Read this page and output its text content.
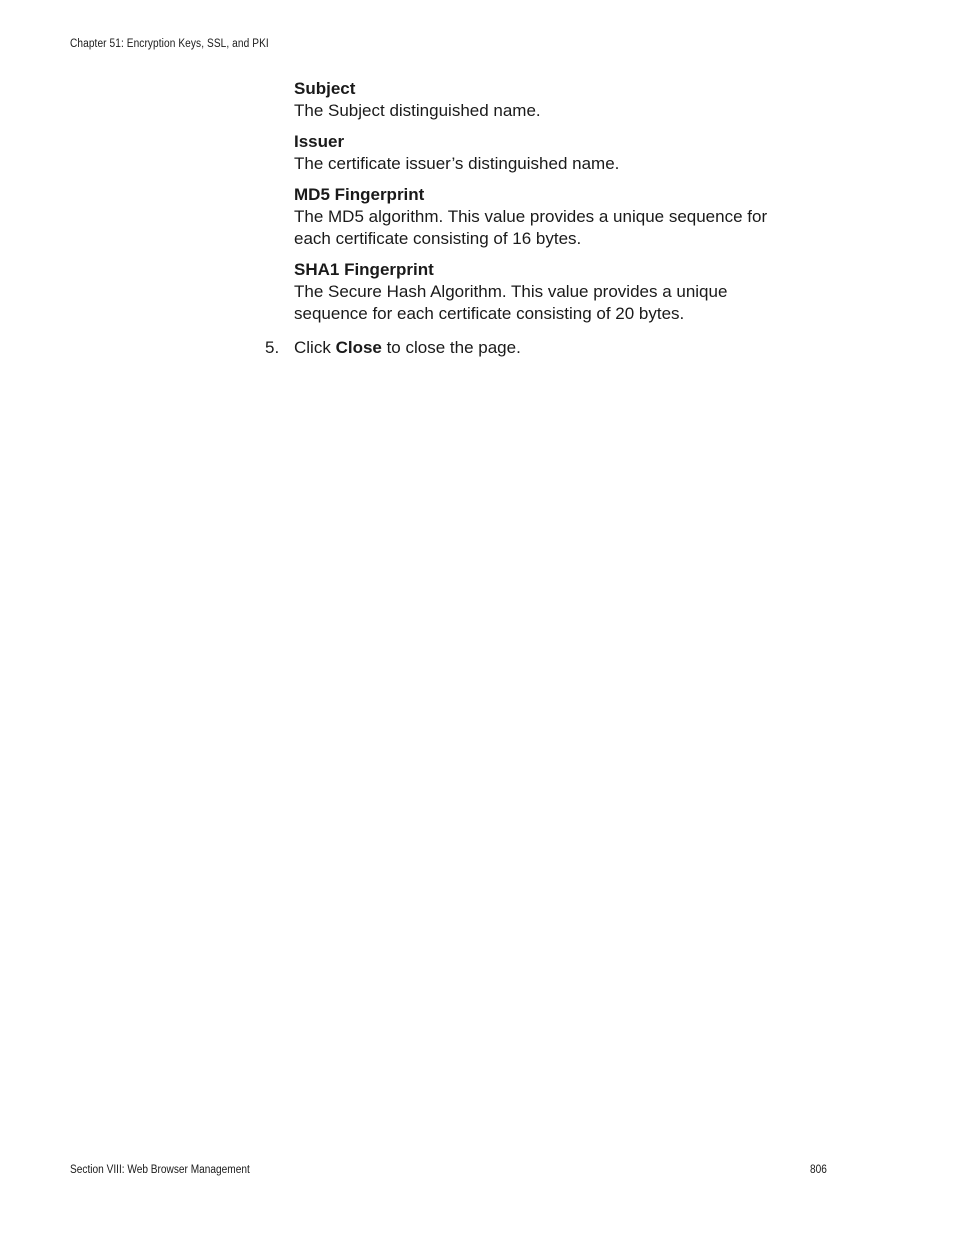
Chapter 51: Encryption Keys, SSL, and PKI
Subject
The Subject distinguished name.
Issuer
The certificate issuer’s distinguished name.
MD5 Fingerprint
The MD5 algorithm. This value provides a unique sequence for each certificate consisting of 16 bytes.
SHA1 Fingerprint
The Secure Hash Algorithm. This value provides a unique sequence for each certificate consisting of 20 bytes.
5. Click Close to close the page.
Section VIII: Web Browser Management	806
